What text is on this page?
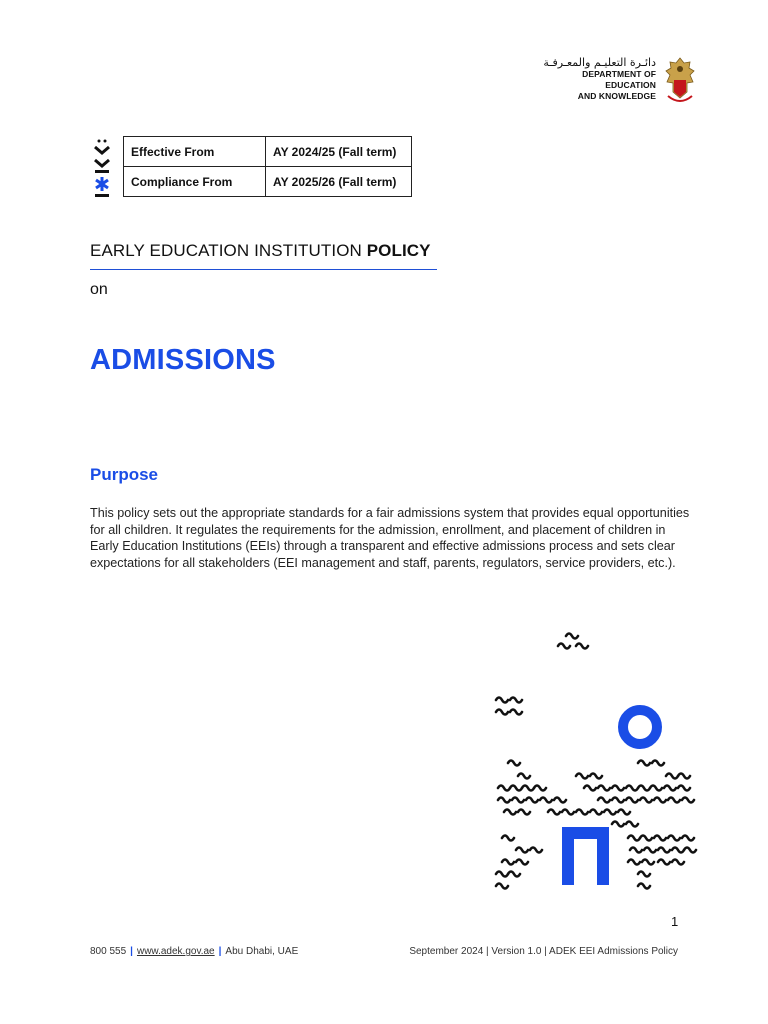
دائـرة التعليـم والمعـرفـة
DEPARTMENT OF EDUCATION
AND KNOWLEDGE
Effective From	AY 2024/25 (Fall term)
Compliance From	AY 2025/26 (Fall term)
EARLY EDUCATION INSTITUTION POLICY
on
ADMISSIONS
Purpose
This policy sets out the appropriate standards for a fair admissions system that provides equal opportunities for all children. It regulates the requirements for the admission, enrollment, and placement of children in Early Education Institutions (EEIs) through a transparent and effective admissions process and sets clear expectations for all stakeholders (EEI management and staff, parents, regulators, service providers, etc.).
1
800 555 | www.adek.gov.ae | Abu Dhabi, UAE	September 2024 | Version 1.0 | ADEK EEI Admissions Policy
